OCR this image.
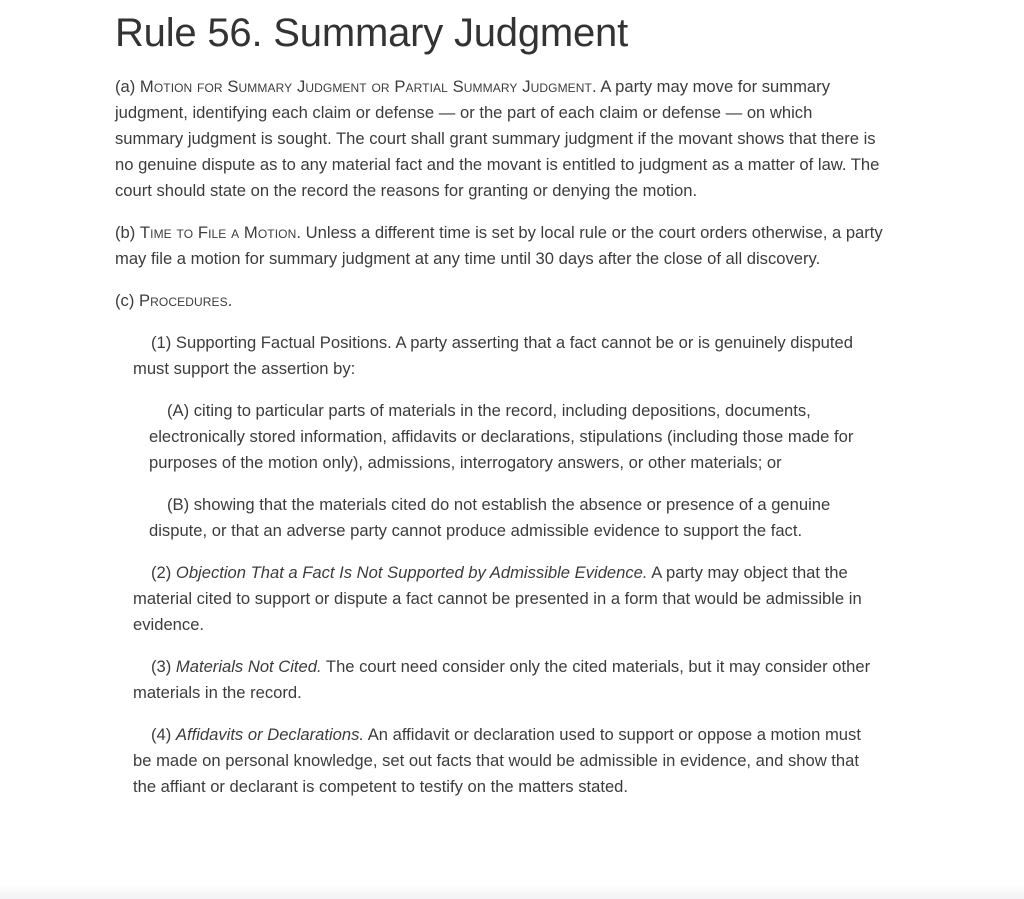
Rule 56. Summary Judgment

(a) Motion for Summary Judgment or Partial Summary Judgment. A party may move for summary judgment, identifying each claim or defense — or the part of each claim or defense — on which summary judgment is sought. The court shall grant summary judgment if the movant shows that there is no genuine dispute as to any material fact and the movant is entitled to judgment as a matter of law. The court should state on the record the reasons for granting or denying the motion.

(b) Time to File a Motion. Unless a different time is set by local rule or the court orders otherwise, a party may file a motion for summary judgment at any time until 30 days after the close of all discovery.

(c) Procedures.

(1) Supporting Factual Positions. A party asserting that a fact cannot be or is genuinely disputed must support the assertion by:

(A) citing to particular parts of materials in the record, including depositions, documents, electronically stored information, affidavits or declarations, stipulations (including those made for purposes of the motion only), admissions, interrogatory answers, or other materials; or

(B) showing that the materials cited do not establish the absence or presence of a genuine dispute, or that an adverse party cannot produce admissible evidence to support the fact.

(2) Objection That a Fact Is Not Supported by Admissible Evidence. A party may object that the material cited to support or dispute a fact cannot be presented in a form that would be admissible in evidence.

(3) Materials Not Cited. The court need consider only the cited materials, but it may consider other materials in the record.

(4) Affidavits or Declarations. An affidavit or declaration used to support or oppose a motion must be made on personal knowledge, set out facts that would be admissible in evidence, and show that the affiant or declarant is competent to testify on the matters stated.
